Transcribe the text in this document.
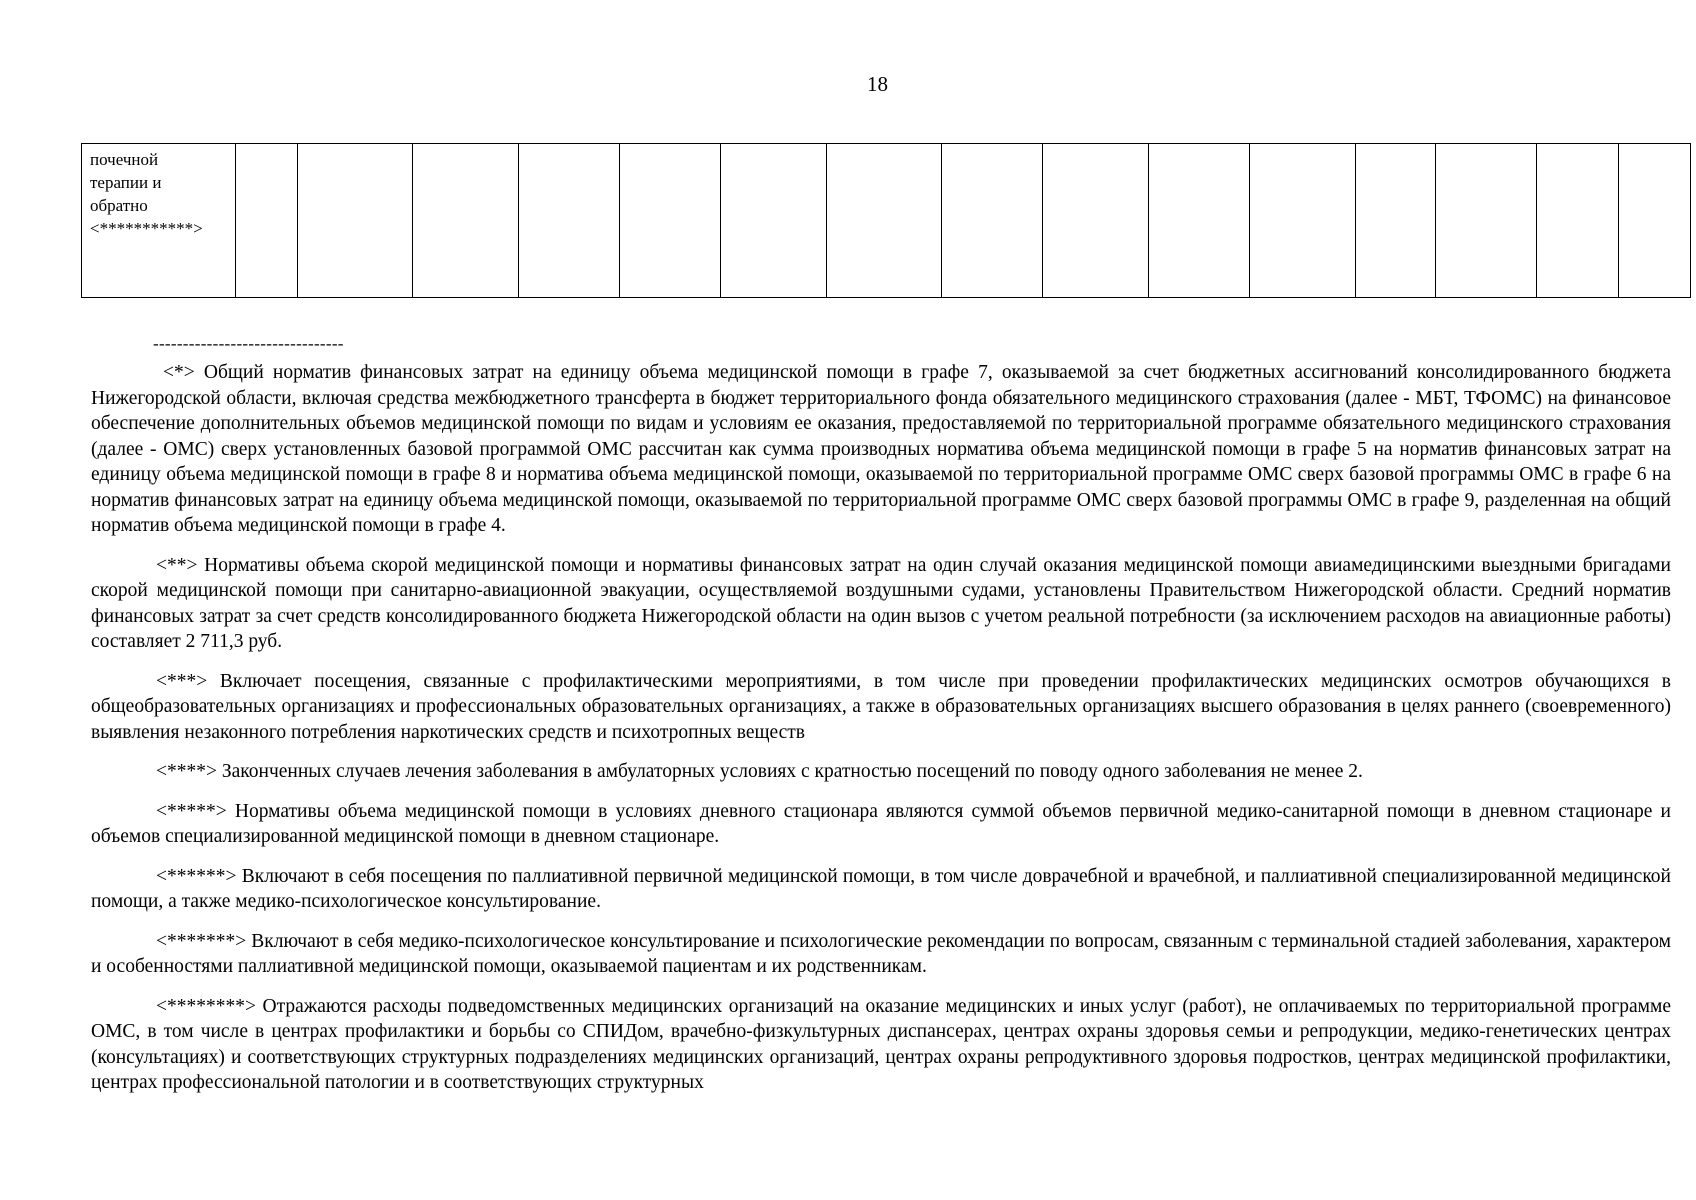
18
почечной
терапии и
обратно
<***********>															
--------------------------------

<*> Общий норматив финансовых затрат на единицу объема медицинской помощи в графе 7, оказываемой за счет бюджетных ассигнований консолидированного бюджета Нижегородской области, включая средства межбюджетного трансферта в бюджет территориального фонда обязательного медицинского страхования (далее - МБТ, ТФОМС) на финансовое обеспечение дополнительных объемов медицинской помощи по видам и условиям ее оказания, предоставляемой по территориальной программе обязательного медицинского страхования (далее - ОМС) сверх установленных базовой программой ОМС рассчитан как сумма производных норматива объема медицинской помощи в графе 5 на норматив финансовых затрат на единицу объема медицинской помощи в графе 8 и норматива объема медицинской помощи, оказываемой по территориальной программе ОМС сверх базовой программы ОМС в графе 6 на норматив финансовых затрат на единицу объема медицинской помощи, оказываемой по территориальной программе ОМС сверх базовой программы ОМС в графе 9, разделенная на общий норматив объема медицинской помощи в графе 4.

<**> Нормативы объема скорой медицинской помощи и нормативы финансовых затрат на один случай оказания медицинской помощи авиамедицинскими выездными бригадами скорой медицинской помощи при санитарно-авиационной эвакуации, осуществляемой воздушными судами, установлены Правительством Нижегородской области. Средний норматив финансовых затрат за счет средств консолидированного бюджета Нижегородской области на один вызов с учетом реальной потребности (за исключением расходов на авиационные работы) составляет 2 711,3 руб.

<***> Включает посещения, связанные с профилактическими мероприятиями, в том числе при проведении профилактических медицинских осмотров обучающихся в общеобразовательных организациях и профессиональных образовательных организациях, а также в образовательных организациях высшего образования в целях раннего (своевременного) выявления незаконного потребления наркотических средств и психотропных веществ

<****> Законченных случаев лечения заболевания в амбулаторных условиях с кратностью посещений по поводу одного заболевания не менее 2.

<*****> Нормативы объема медицинской помощи в условиях дневного стационара являются суммой объемов первичной медико-санитарной помощи в дневном стационаре и объемов специализированной медицинской помощи в дневном стационаре.

<******> Включают в себя посещения по паллиативной первичной медицинской помощи, в том числе доврачебной и врачебной, и паллиативной специализированной медицинской помощи, а также медико-психологическое консультирование.

<*******> Включают в себя медико-психологическое консультирование и психологические рекомендации по вопросам, связанным с терминальной стадией заболевания, характером и особенностями паллиативной медицинской помощи, оказываемой пациентам и их родственникам.

<********> Отражаются расходы подведомственных медицинских организаций на оказание медицинских и иных услуг (работ), не оплачиваемых по территориальной программе ОМС, в том числе в центрах профилактики и борьбы со СПИДом, врачебно-физкультурных диспансерах, центрах охраны здоровья семьи и репродукции, медико-генетических центрах (консультациях) и соответствующих структурных подразделениях медицинских организаций, центрах охраны репродуктивного здоровья подростков, центрах медицинской профилактики, центрах профессиональной патологии и в соответствующих структурных
